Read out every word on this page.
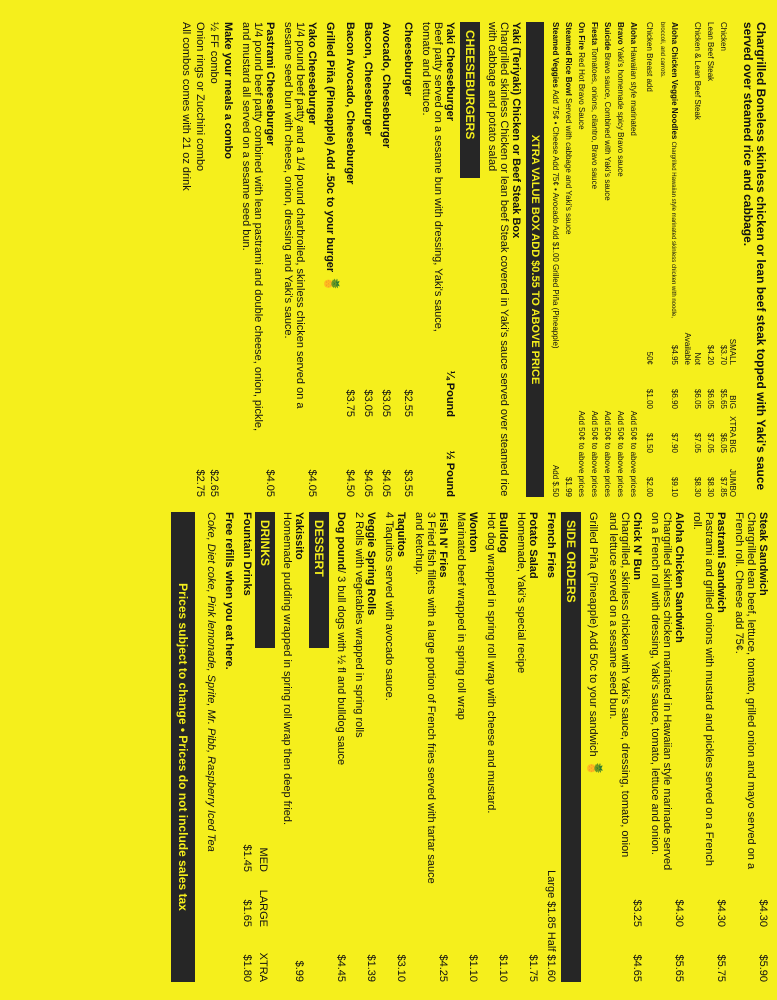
Chargrilled Boneless skinless chicken or lean beef steak topped with Yaki's sauce served over steamed rice and cabbage.

SMALL
BIG
XTRA BIG
JUMBO
Chicken
$3.70
$5.65
$6.05
$7.85
Lean Beef Steak
$4.20
$6.05
$7.05
$8.30
Chicken & Lean Beef Steak
Not Available
$6.05
$7.05
$8.30
Aloha Chicken Veggie Noodles Chargrilled Hawaiian style marinated skinless chicken with noodle, broccoli, and carrots.
$4.95
$6.90
$7.90
$9.10
Chicken Breast add
50¢
$1.00
$1.50
$2.00
Aloha Hawaiian style marinated
Add 50¢ to above prices
Bravo Yaki's homemade spicy Bravo sauce
Add 50¢ to above prices
Suicide Bravo sauce, Combined with Yaki's sauce
Add 50¢ to above prices
Fiesta Tomatoes, onions, cilantro, Bravo sauce
Add 50¢ to above prices
On Fire Red Hot Bravo Sauce
Add 50¢ to above prices
Steamed Rice Bowl Served with cabbage and Yaki's sauce
$1.99
Steamed Veggies Add 75¢ • Cheese Add 75¢ • Avocado Add $1.00 Grilled Piña (Pineapple)
Add $.50
XTRA VALUE BOX ADD $0.55 TO ABOVE PRICE

Yaki (Teriyaki) Chicken or Beef Steak Box

Chargrilled skinless Chicken or lean beef Steak covered in Yaki's sauce served over steamed rice with cabbage and potato salad

CHEESEBURGERS

Yaki Cheeseburger

Beef patty served on a sesame bun with dressing, Yaki's sauce, tomato and lettuce.

¼ Pound
½ Pound
Cheeseburger
$2.55
$3.55
Avocado, Cheeseburger
$3.05
$4.05
Bacon, Cheeseburger
$3.05
$4.05
Bacon Avocado, Cheeseburger
$3.75
$4.50

Grilled Piña (Pineapple) Add .50c to your burger 🍍

Yako Cheeseburger

1/4 pound beef patty and a 1/4 pound charbroiled, skinless chicken served on a sesame seed bun with cheese, onion, dressing and Yaki's sauce.

$4.05

Pastrami Cheeseburger

1/4 pound beef patty combined with lean pastrami and double cheese, onion, pickle, and mustard all served on a sesame seed bun.

$4.05

Make your meals a combo

½ FF combo
$2.65
Onion rings or Zucchini combo
$2.75
All combos comes with 21 oz drink

Steak Sandwich

Chargrilled lean beef, lettuce, tomato, grilled onion and mayo served on a French roll. Cheese add 75¢.

$4.30
$5.90

Pastrami Sandwich

Pastrami and grilled onions with mustard and pickles served on a French roll.

$4.30
$5.75

Aloha Chicken Sandwich

Chargrilled skinless chicken marinated in Hawaiian style marinade served on a French roll with dressing, Yaki's sauce, tomato, lettuce and onion.

$4.30
$5.65

Chick N' Bun

Chargrilled, skinless chicken with Yaki's sauce, dressing, tomato, onion and lettuce served on a sesame seed bun.

$3.25
$4.65

Grilled Piña (Pineapple) Add 50c to your sandwich 🍍

SIDE ORDERS
French Fries
Large $1.85 Half $1.60

Potato Salad

Homemade, Yaki's special recipe

$1.75

Bulldog

Hot dog wrapped in spring roll wrap with cheese and mustard.

$1.10

Wonton

Marinated beef wrapped in spring roll wrap

$1.10

Fish N' Fries

3 Fried fish fillets with a large portion of French fries served with tartar sauce and ketchup.

$4.25

Taquitos

4 Taquitos served with avocado sauce.

$3.10

Veggie Spring Rolls

2 Rolls with vegetables wrapped in spring rolls

$1.39

Dog pound/ 3 bull dogs with ½ fl and bulldog sauce

$4.45
DESSERT

Yakissito

Homemade pudding wrapped in spring roll wrap then deep fried.

$.99
DRINKS
MED
LARGE
XTRA
Fountain Drinks
$1.45
$1.65
$1.80

Free refills when you eat here.

Coke, Diet coke, Pink lemonade, Sprite, Mr. Pibb, Raspberry Iced Tea

Prices subject to change • Prices do not include sales tax
